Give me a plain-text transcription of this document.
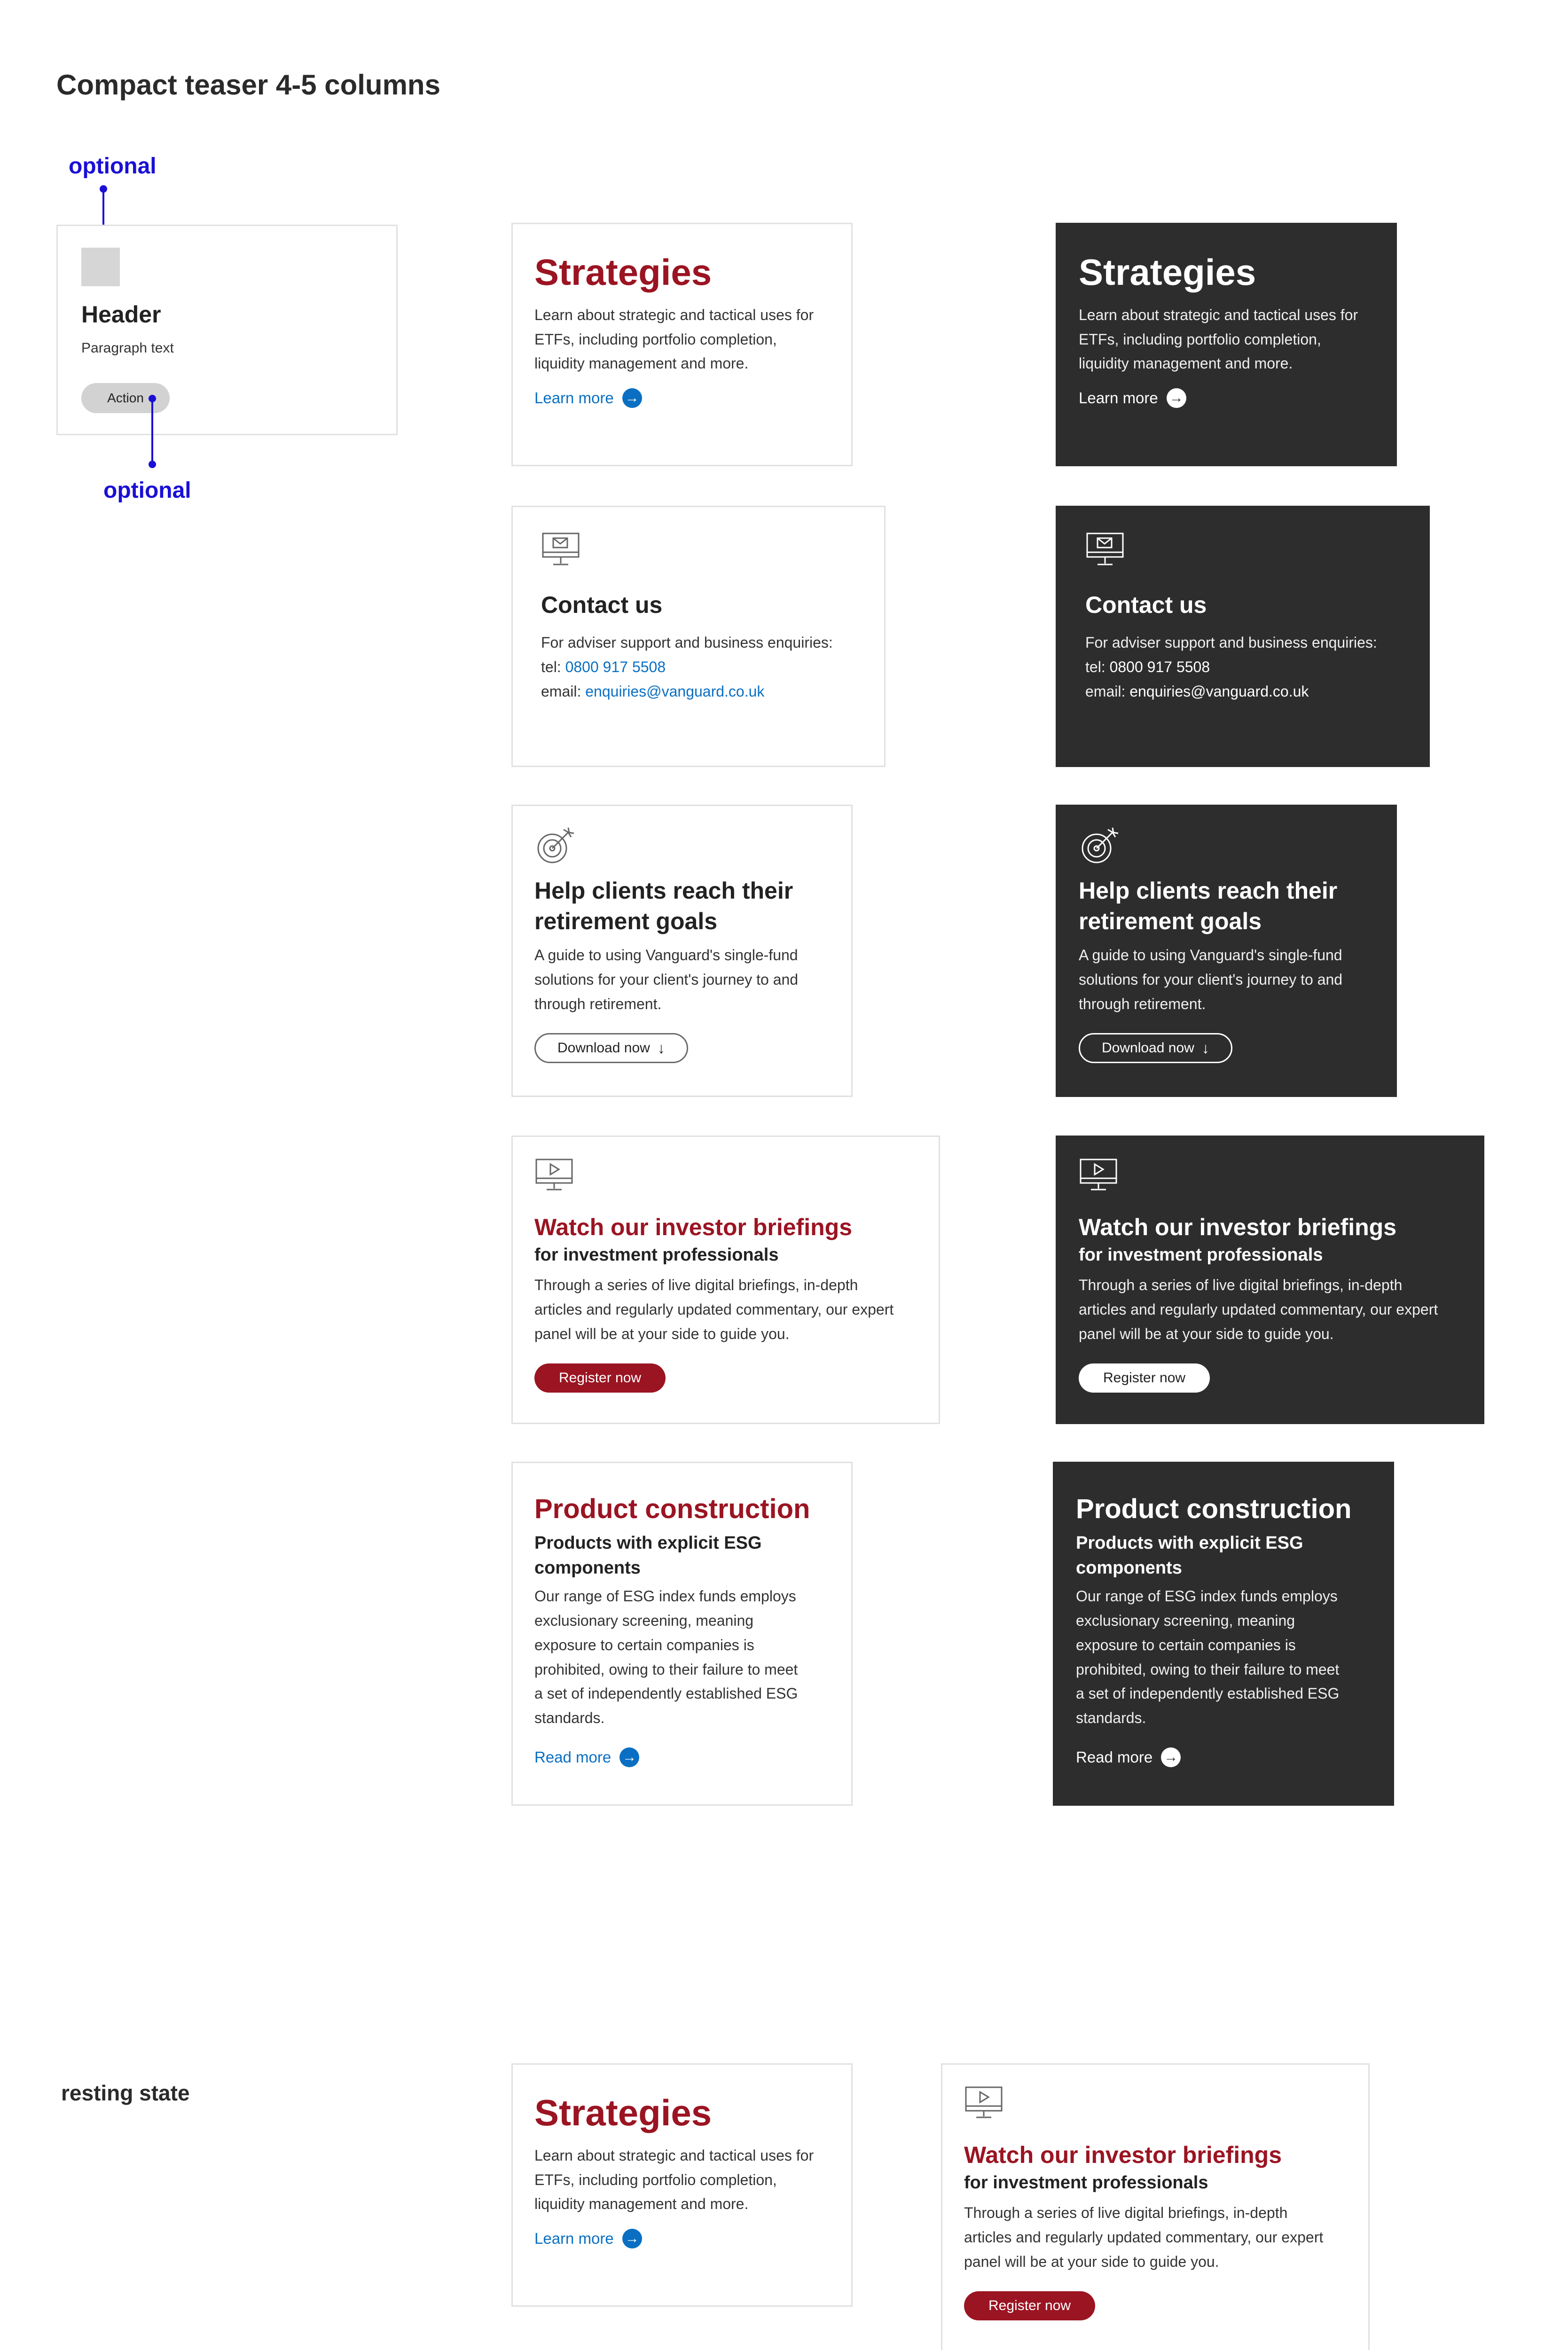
Compact teaser 4-5 columns
optional
Header
Paragraph text
Action
optional
Strategies
Learn about strategic and tactical uses for
ETFs, including portfolio completion,
liquidity management and more.
Learn more →
Strategies
Learn about strategic and tactical uses for
ETFs, including portfolio completion,
liquidity management and more.
Learn more →
Contact us
For adviser support and business enquiries:
tel: 0800 917 5508
email: enquiries@vanguard.co.uk
Contact us
For adviser support and business enquiries:
tel: 0800 917 5508
email: enquiries@vanguard.co.uk
Help clients reach their
retirement goals
A guide to using Vanguard's single-fund
solutions for your client's journey to and
through retirement.
Download now ↓
Help clients reach their
retirement goals
A guide to using Vanguard's single-fund
solutions for your client's journey to and
through retirement.
Download now ↓
Watch our investor briefings
for investment professionals
Through a series of live digital briefings, in-depth
articles and regularly updated commentary, our expert
panel will be at your side to guide you.
Register now
Watch our investor briefings
for investment professionals
Through a series of live digital briefings, in-depth
articles and regularly updated commentary, our expert
panel will be at your side to guide you.
Register now
Product construction
Products with explicit ESG
components
Our range of ESG index funds employs
exclusionary screening, meaning
exposure to certain companies is
prohibited, owing to their failure to meet
a set of independently established ESG
standards.
Read more →
Product construction
Products with explicit ESG
components
Our range of ESG index funds employs
exclusionary screening, meaning
exposure to certain companies is
prohibited, owing to their failure to meet
a set of independently established ESG
standards.
Read more →
resting state	Strategies
Learn about strategic and tactical uses for
ETFs, including portfolio completion,
liquidity management and more.
Learn more →
Watch our investor briefings
for investment professionals
Through a series of live digital briefings, in-depth
articles and regularly updated commentary, our expert
panel will be at your side to guide you.
Register now
